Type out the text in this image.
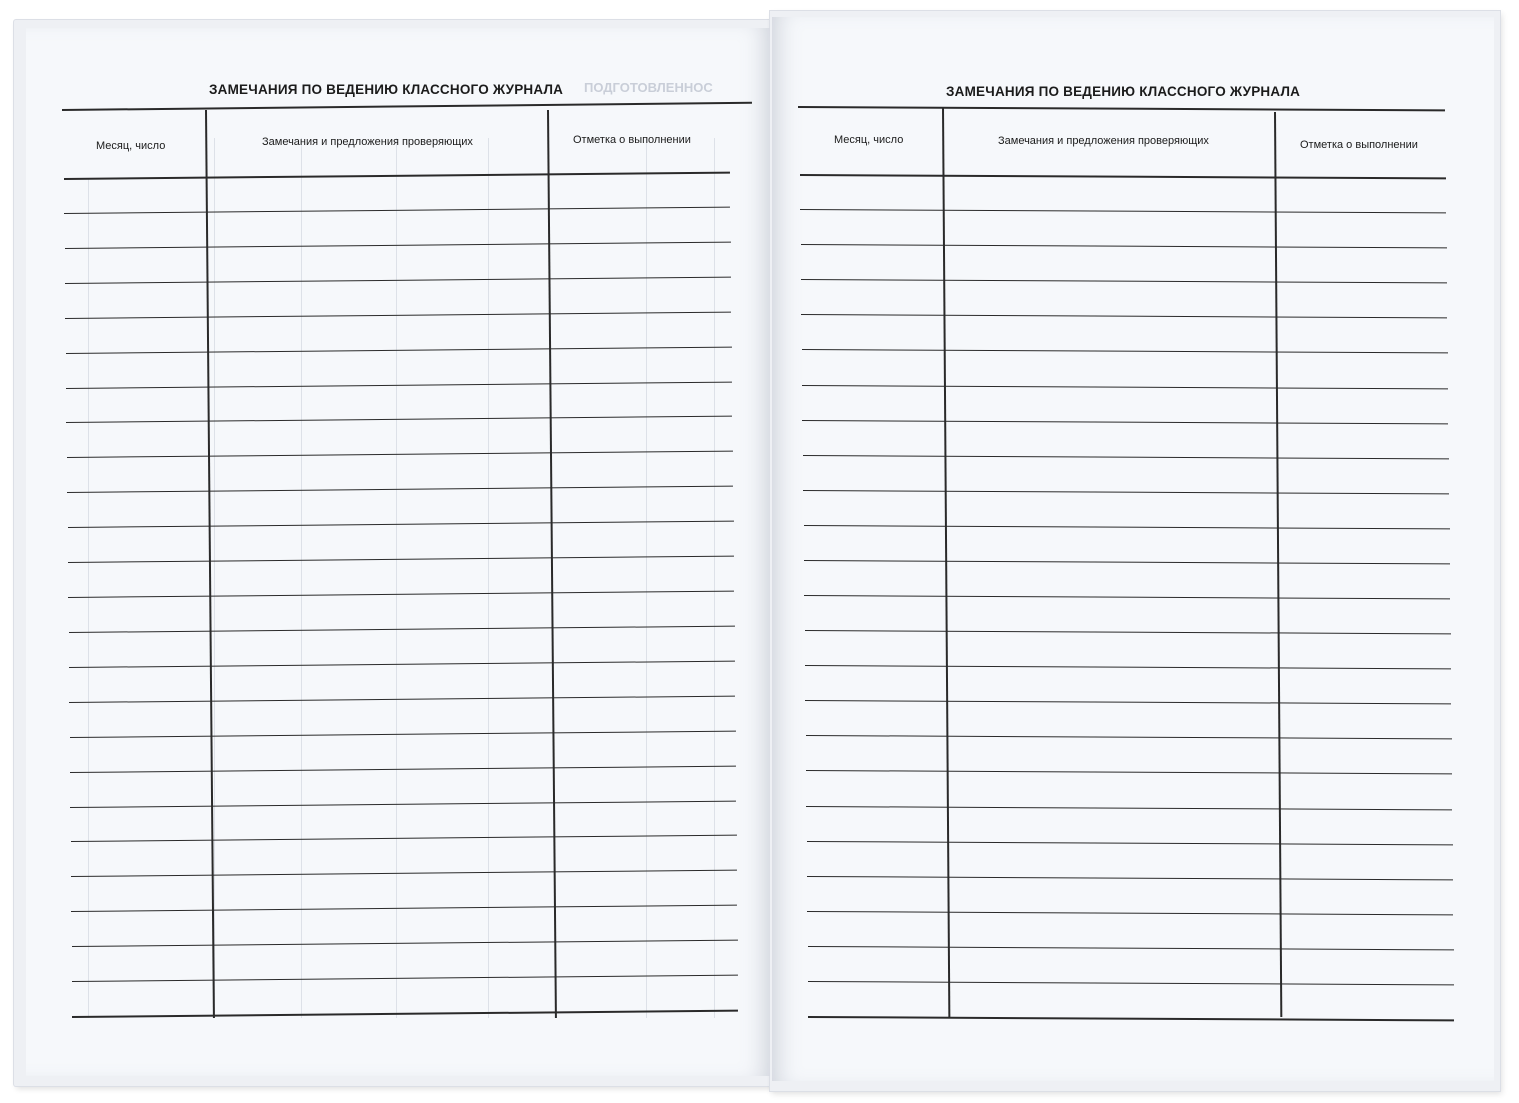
ПОДГОТОВЛЕННОС
ЗАМЕЧАНИЯ ПО ВЕДЕНИЮ КЛАССНОГО ЖУРНАЛА
Месяц, число	Замечания и предложения проверяющих	Отметка о выполнении
ЗАМЕЧАНИЯ ПО ВЕДЕНИЮ КЛАССНОГО ЖУРНАЛА
Месяц, число	Замечания и предложения проверяющих	Отметка о выполнении
